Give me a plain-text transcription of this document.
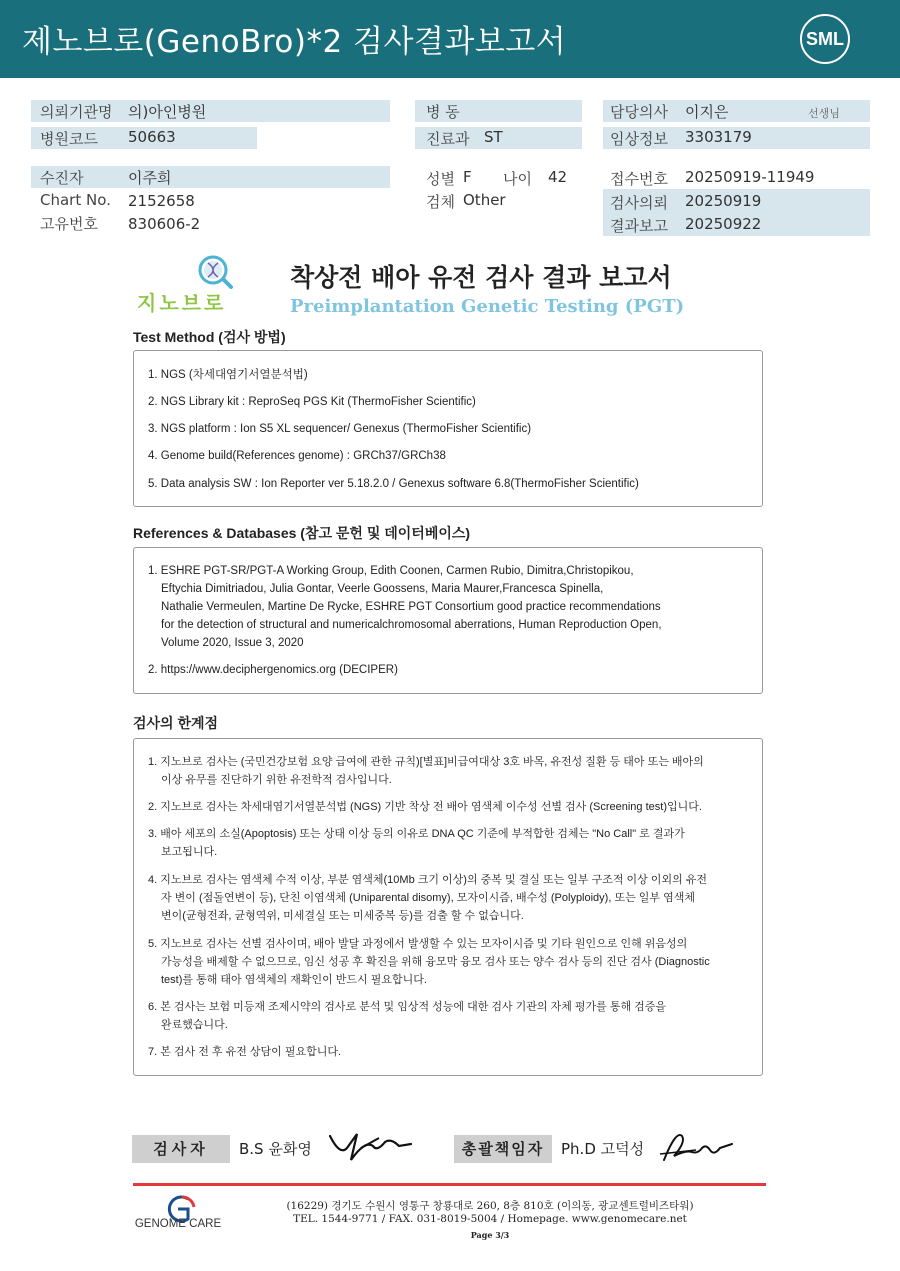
제노브로(GenoBro)*2 검사결과보고서	SML
의뢰기관명 의)아인병원
병원코드 50663
병 동
진료과 ST
담당의사 이지은	선생님
임상정보 3303179
수진자	이주희
Chart No. 2152658
고유번호 830606-2
성별 F 나이 42
검체 Other
접수번호 20250919-11949
검사의뢰 20250919
결과보고 20250922
지노브로
착상전 배아 유전 검사 결과 보고서
Preimplantation Genetic Testing (PGT)
Test Method (검사 방법)
1. NGS (차세대염기서열분석법)
2. NGS Library kit : ReproSeq PGS Kit (ThermoFisher Scientific)
3. NGS platform : Ion S5 XL sequencer/ Genexus (ThermoFisher Scientific)
4. Genome build(References genome) : GRCh37/GRCh38
5. Data analysis SW : Ion Reporter ver 5.18.2.0 / Genexus software 6.8(ThermoFisher Scientific)
References & Databases (참고 문헌 및 데이터베이스)
1. ESHRE PGT-SR/PGT-A Working Group, Edith Coonen, Carmen Rubio, Dimitra,Christopikou,
Eftychia Dimitriadou, Julia Gontar, Veerle Goossens, Maria Maurer,Francesca Spinella,
Nathalie Vermeulen, Martine De Rycke, ESHRE PGT Consortium good practice recommendations
for the detection of structural and numericalchromosomal aberrations, Human Reproduction Open,
Volume 2020, Issue 3, 2020
2. https://www.deciphergenomics.org (DECIPER)
검사의 한계점
1. 지노브로 검사는 (국민건강보험 요양 급여에 관한 규칙)[별표]비급여대상 3호 바목, 유전성 질환 등 태아 또는 배아의
이상 유무를 진단하기 위한 유전학적 검사입니다.
2. 지노브로 검사는 차세대염기서열분석법 (NGS) 기반 착상 전 배아 염색체 이수성 선별 검사 (Screening test)입니다.
3. 배아 세포의 소실(Apoptosis) 또는 상태 이상 등의 이유로 DNA QC 기준에 부적합한 검체는 "No Call" 로 결과가
보고됩니다.
4. 지노브로 검사는 염색체 수적 이상, 부분 염색체(10Mb 크기 이상)의 중복 및 결실 또는 일부 구조적 이상 이외의 유전
자 변이 (점돌연변이 등), 단친 이염색체 (Uniparental disomy), 모자이시즘, 배수성 (Polyploidy), 또는 일부 염색체
변이(균형전좌, 균형역위, 미세결실 또는 미세중복 등)를 검출 할 수 없습니다.
5. 지노브로 검사는 선별 검사이며, 배아 발달 과정에서 발생할 수 있는 모자이시즘 및 기타 원인으로 인해 위음성의
가능성을 배제할 수 없으므로, 임신 성공 후 확진을 위해 융모막 융모 검사 또는 양수 검사 등의 진단 검사 (Diagnostic
test)를 통해 태아 염색체의 재확인이 반드시 필요합니다.
6. 본 검사는 보험 미등재 조제시약의 검사로 분석 및 임상적 성능에 대한 검사 기관의 자체 평가를 통해 검증을
완료했습니다.
7. 본 검사 전 후 유전 상담이 필요합니다.
검사자	B.S 윤화영	총괄책임자	Ph.D 고덕성
GENOME CARE
(16229) 경기도 수원시 영통구 창룡대로 260, 8층 810호 (이의동, 광교센트럴비즈타워)
TEL. 1544-9771 / FAX. 031-8019-5004 / Homepage. www.genomecare.net
Page 3/3
